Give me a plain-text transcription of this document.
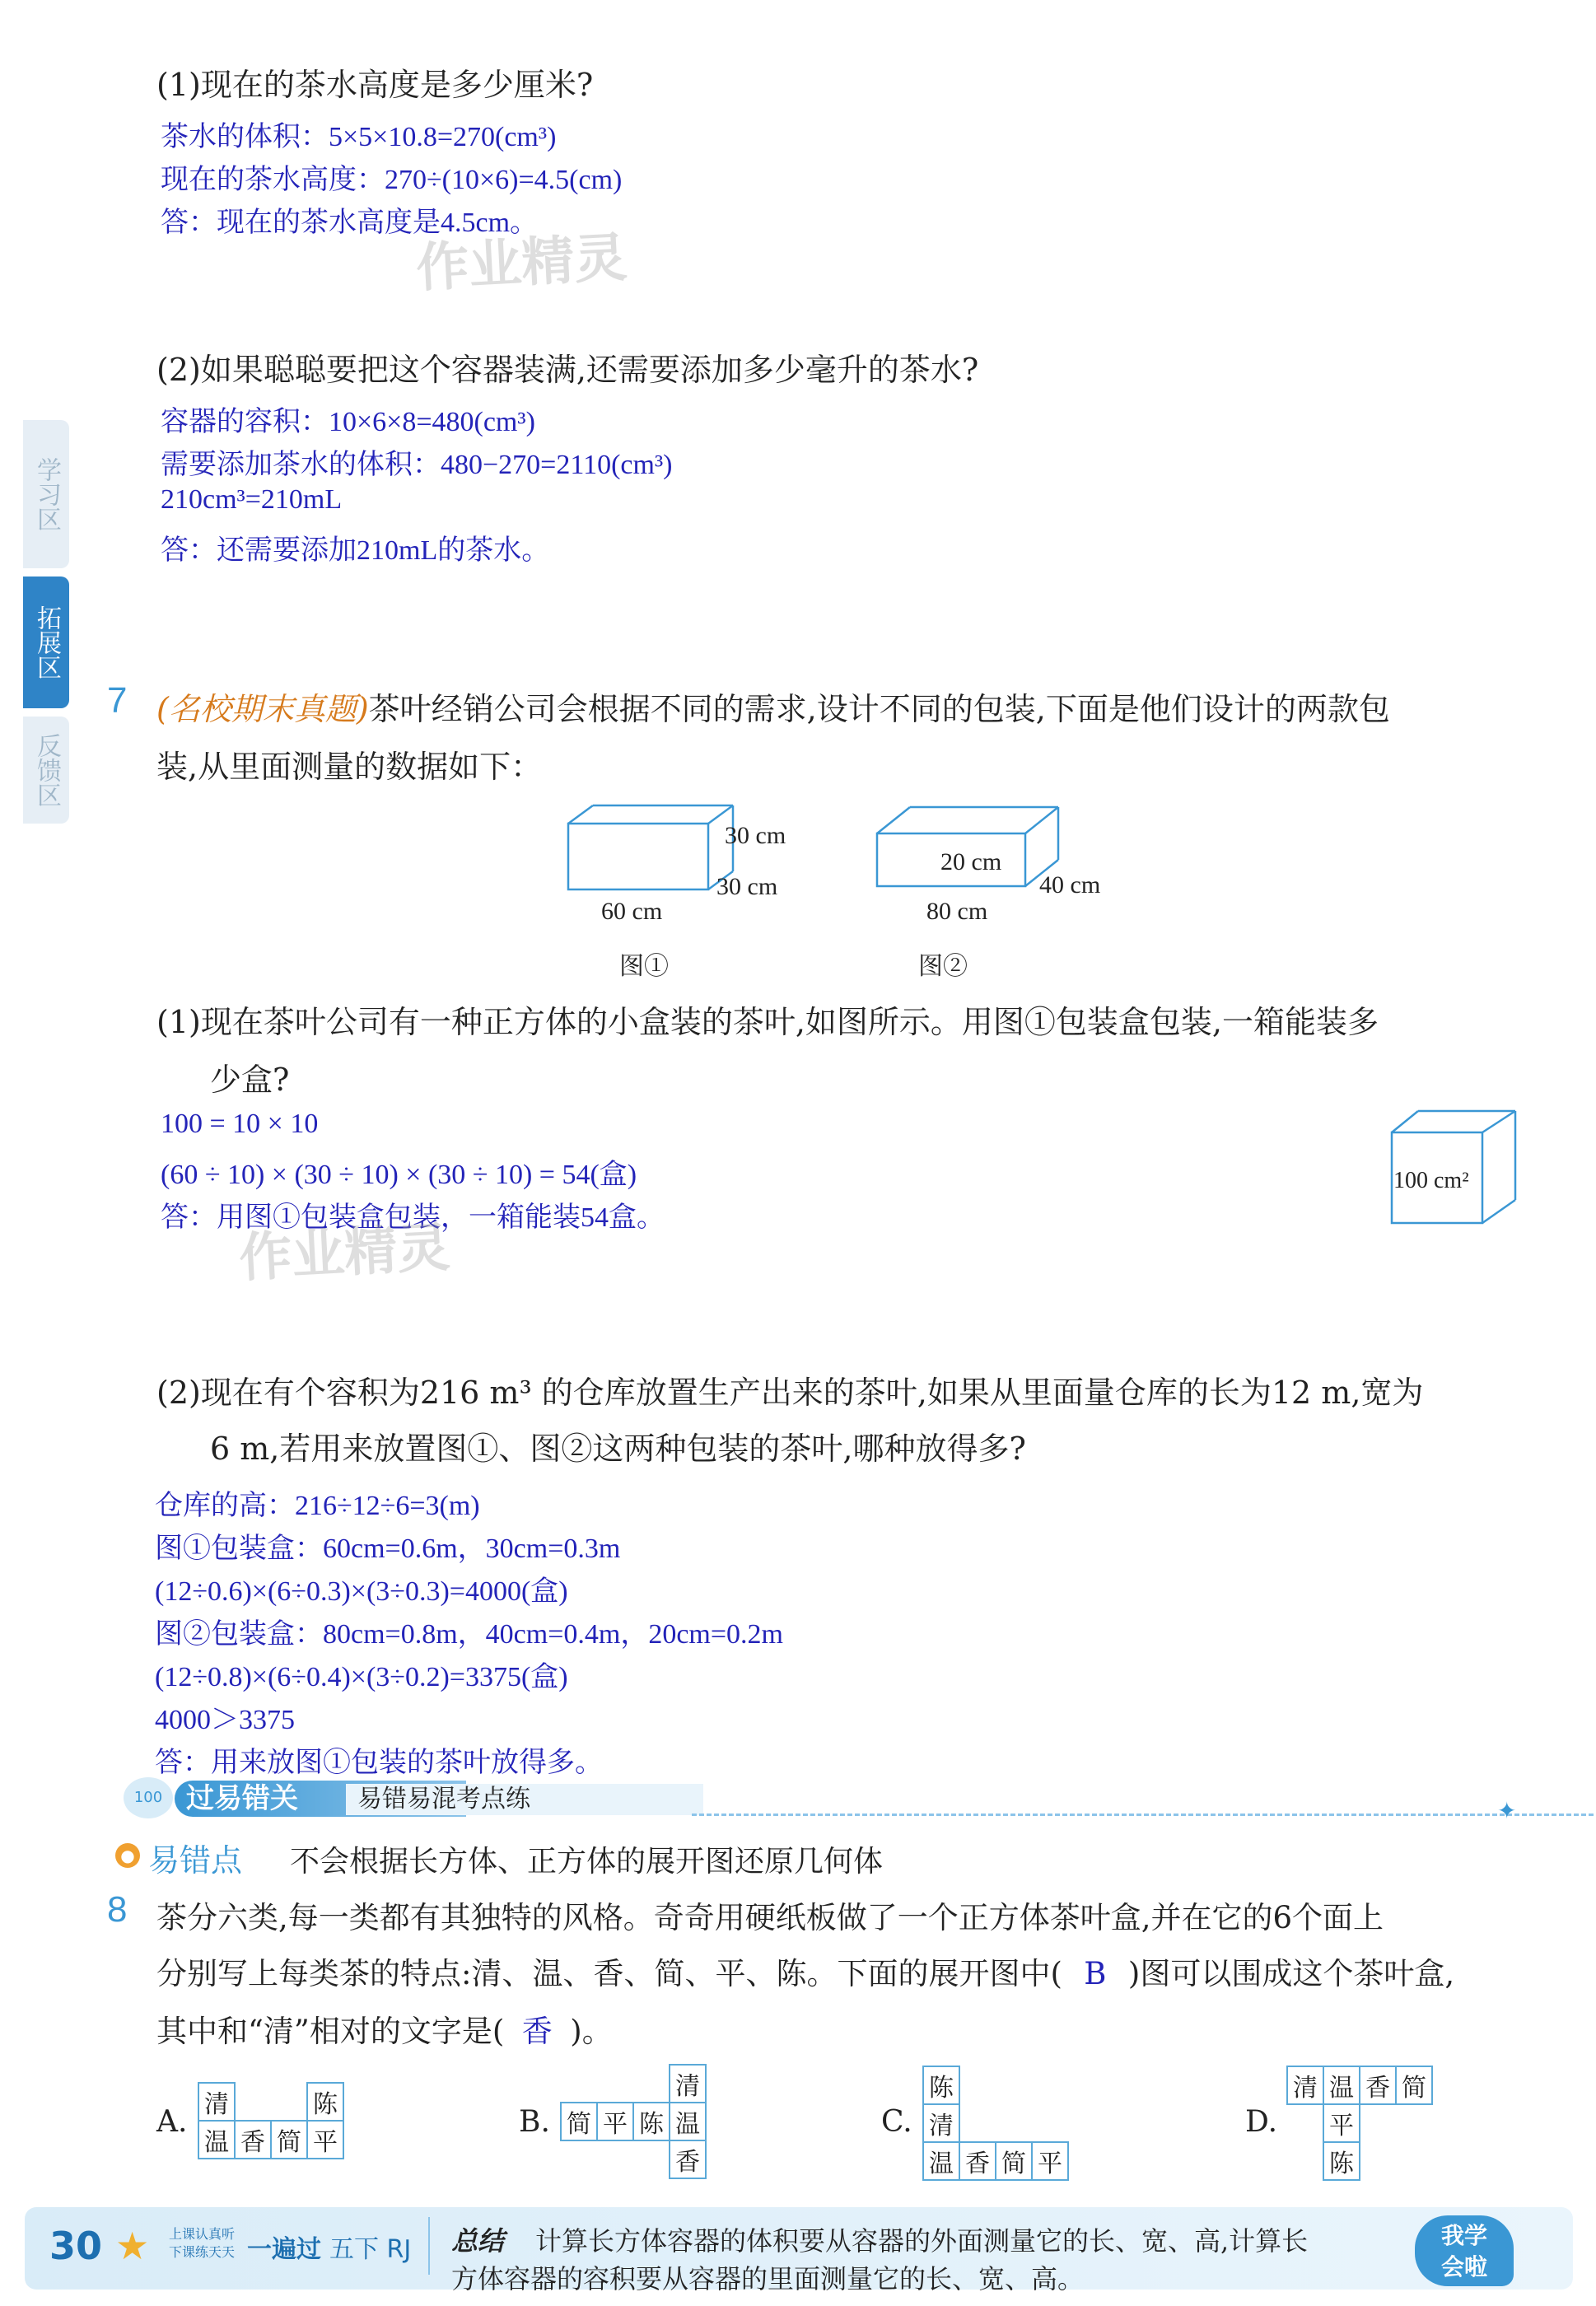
学习区
拓展区
反馈区
(1)现在的茶水高度是多少厘米?
茶水的体积：5×5×10.8=270(cm³)
现在的茶水高度：270÷(10×6)=4.5(cm)
答：现在的茶水高度是4.5cm。
作业精灵
(2)如果聪聪要把这个容器装满,还需要添加多少毫升的茶水?
容器的容积：10×6×8=480(cm³)
需要添加茶水的体积：480−270=2110(cm³)
210cm³=210mL
答：还需要添加210mL的茶水。
7 (名校期末真题)茶叶经销公司会根据不同的需求,设计不同的包装,下面是他们设计的两款包
装,从里面测量的数据如下：
30 cm
30 cm
60 cm
图①
20 cm
40 cm
80 cm
图②
(1)现在茶叶公司有一种正方体的小盒装的茶叶,如图所示。用图①包装盒包装,一箱能装多
少盒?
100 = 10 × 10
(60 ÷ 10) × (30 ÷ 10) × (30 ÷ 10) = 54(盒)
答：用图①包装盒包装，一箱能装54盒。
作业精灵
100 cm²
(2)现在有个容积为216 m³ 的仓库放置生产出来的茶叶,如果从里面量仓库的长为12 m,宽为
6 m,若用来放置图①、图②这两种包装的茶叶,哪种放得多?
仓库的高：216÷12÷6=3(m)
图①包装盒：60cm=0.6m，30cm=0.3m
(12÷0.6)×(6÷0.3)×(3÷0.3)=4000(盒)
图②包装盒：80cm=0.8m，40cm=0.4m，20cm=0.2m
(12÷0.8)×(6÷0.4)×(3÷0.2)=3375(盒)
4000＞3375
答：用来放图①包装的茶叶放得多。
100 过易错关	易错易混考点练	✦
● 易错点 不会根据长方体、正方体的展开图还原几何体
8 茶分六类,每一类都有其独特的风格。奇奇用硬纸板做了一个正方体茶叶盒,并在它的6个面上
分别写上每类茶的特点:清、温、香、简、平、陈。下面的展开图中( B )图可以围成这个茶叶盒,
其中和“清”相对的文字是( 香 )。
A.
清			陈
温	香	简	平
B.
			清
简	平	陈	温
			香
C.
陈			
清			
温	香	简	平
D.
清	温	香	简
	平		
	陈		
30 ★ 上课认真听
下课练天天 一遍过 五下 RJ 总结 计算长方体容器的体积要从容器的外面测量它的长、宽、高,计算长
方体容器的容积要从容器的里面测量它的长、宽、高。
我学
会啦
